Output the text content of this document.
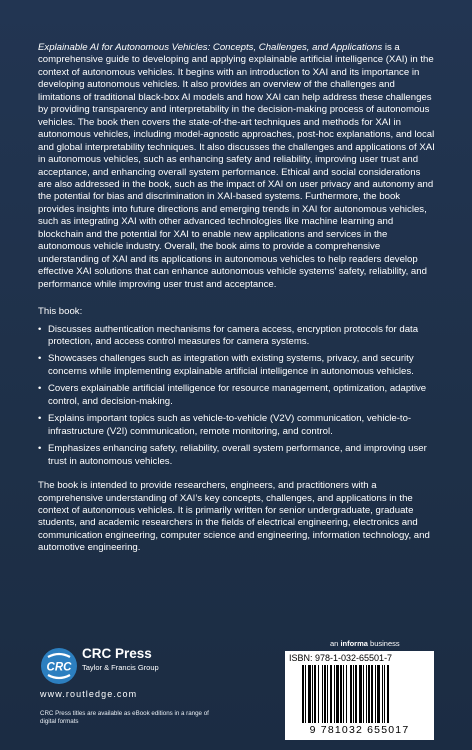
Explainable AI for Autonomous Vehicles: Concepts, Challenges, and Applications is a comprehensive guide to developing and applying explainable artificial intelligence (XAI) in the context of autonomous vehicles. It begins with an introduction to XAI and its importance in developing autonomous vehicles. It also provides an overview of the challenges and limitations of traditional black-box AI models and how XAI can help address these challenges by providing transparency and interpretability in the decision-making process of autonomous vehicles. The book then covers the state-of-the-art techniques and methods for XAI in autonomous vehicles, including model-agnostic approaches, post-hoc explanations, and local and global interpretability techniques. It also discusses the challenges and applications of XAI in autonomous vehicles, such as enhancing safety and reliability, improving user trust and acceptance, and enhancing overall system performance. Ethical and social considerations are also addressed in the book, such as the impact of XAI on user privacy and autonomy and the potential for bias and discrimination in XAI-based systems. Furthermore, the book provides insights into future directions and emerging trends in XAI for autonomous vehicles, such as integrating XAI with other advanced technologies like machine learning and blockchain and the potential for XAI to enable new applications and services in the autonomous vehicle industry. Overall, the book aims to provide a comprehensive understanding of XAI and its applications in autonomous vehicles to help readers develop effective XAI solutions that can enhance autonomous vehicle systems’ safety, reliability, and performance while improving user trust and acceptance.

This book:

• Discusses authentication mechanisms for camera access, encryption protocols for data protection, and access control measures for camera systems.
• Showcases challenges such as integration with existing systems, privacy, and security concerns while implementing explainable artificial intelligence in autonomous vehicles.
• Covers explainable artificial intelligence for resource management, optimization, adaptive control, and decision-making.
• Explains important topics such as vehicle-to-vehicle (V2V) communication, vehicle-to-infrastructure (V2I) communication, remote monitoring, and control.
• Emphasizes enhancing safety, reliability, overall system performance, and improving user trust in autonomous vehicles.

The book is intended to provide researchers, engineers, and practitioners with a comprehensive understanding of XAI’s key concepts, challenges, and applications in the context of autonomous vehicles. It is primarily written for senior undergraduate, graduate students, and academic researchers in the fields of electrical engineering, electronics and communication engineering, computer science and engineering, information technology, and automotive engineering.

CRC
CRC Press
Taylor & Francis Group
www.routledge.com
CRC Press titles are available as eBook editions in a range of digital formats
an informa business
ISBN: 978-1-032-65501-7
9 781032 655017
